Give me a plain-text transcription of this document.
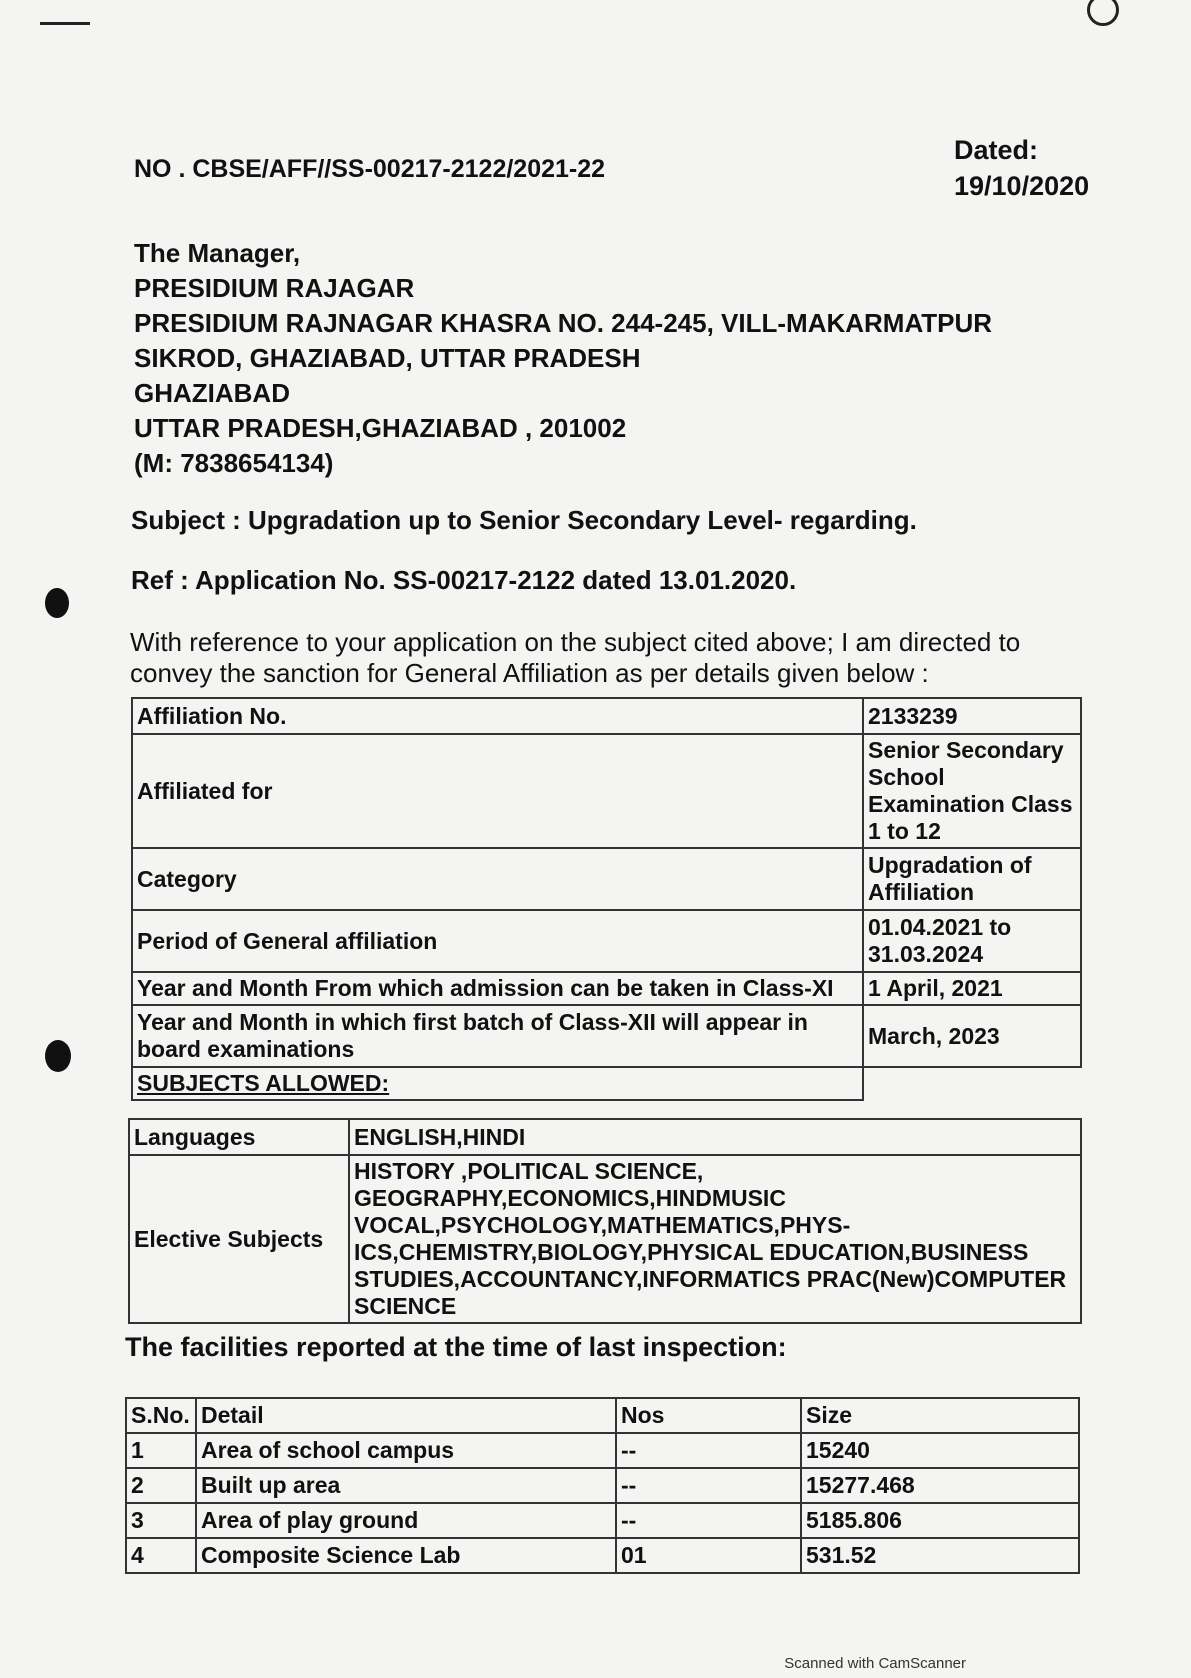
NO . CBSE/AFF//SS-00217-2122/2021-22
Dated:
19/10/2020
The Manager,
PRESIDIUM RAJAGAR
PRESIDIUM RAJNAGAR KHASRA NO. 244-245, VILL-MAKARMATPUR
SIKROD, GHAZIABAD, UTTAR PRADESH
GHAZIABAD
UTTAR PRADESH,GHAZIABAD , 201002
(M: 7838654134)
Subject : Upgradation up to Senior Secondary Level- regarding.
Ref : Application No. SS-00217-2122 dated 13.01.2020.
With reference to your application on the subject cited above; I am directed to convey the sanction for General Affiliation as per details given below :
Affiliation No.	2133239
Affiliated for	Senior Secondary School Examination Class 1 to 12
Category	Upgradation of Affiliation
Period of General affiliation	01.04.2021 to 31.03.2024
Year and Month From which admission can be taken in Class-XI	1 April, 2021
Year and Month in which first batch of Class-XII will appear in board examinations	March, 2023
SUBJECTS ALLOWED:	
Languages	ENGLISH,HINDI
Elective Subjects	HISTORY ,POLITICAL SCIENCE, GEOGRAPHY,ECONOMICS,HINDMUSIC VOCAL,PSYCHOLOGY,MATHEMATICS,PHYS-ICS,CHEMISTRY,BIOLOGY,PHYSICAL EDUCATION,BUSINESS STUDIES,ACCOUNTANCY,INFORMATICS PRAC(New)COMPUTER SCIENCE
The facilities reported at the time of last inspection:
S.No.	Detail	Nos	Size
1	Area of school campus	--	15240
2	Built up area	--	15277.468
3	Area of play ground	--	5185.806
4	Composite Science Lab	01	531.52
Scanned with CamScanner
